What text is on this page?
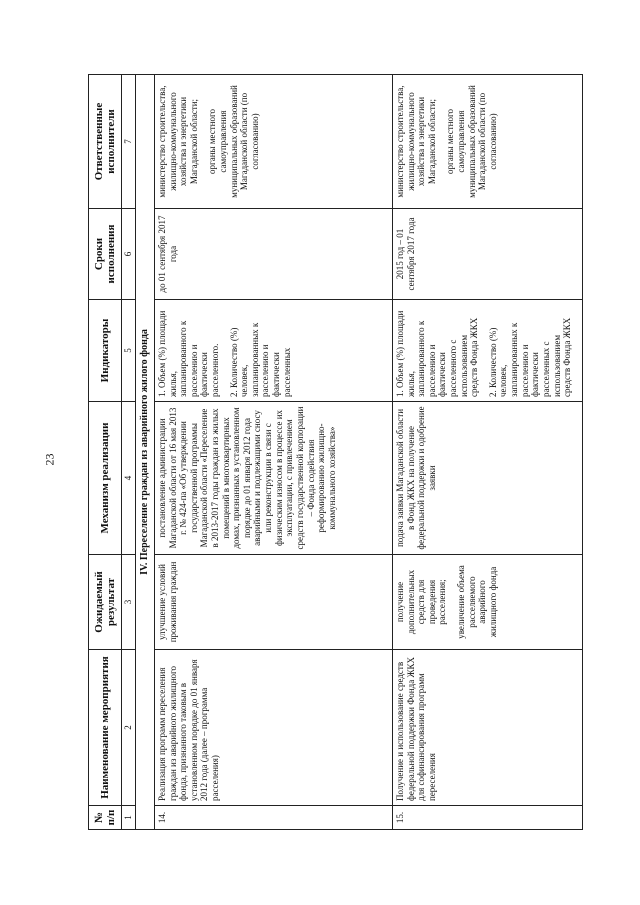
23
№ п/п	Наименование мероприятия	Ожидаемый результат	Механизм реализации	Индикаторы	Сроки исполнения	Ответственные исполнители
1	2	3	4	5	6	7
IV. Переселение граждан из аварийного жилого фонда						
14.	Реализация программ переселения граждан из аварийного жилищного фонда, признанного таковым в установленном порядке до 01 января 2012 года (далее – программа расселения)	улучшение условий проживания граждан	постановление администрации Магаданской области от 16 мая 2013 г. № 424-па «Об утверждении государственной программы Магаданской области «Переселение в 2013-2017 годы граждан из жилых помещений в многоквартирных домах, признанных в установленном порядке до 01 января 2012 года аварийными и подлежащими сносу или реконструкции в связи с физическим износом в процессе их эксплуатации, с привлечением средств государственной корпорации – Фонда содействия реформированию жилищно-коммунального хозяйства»	1. Объем (%) площади жилья, запланированного к расселению и фактически расселенного. 2. Количество (%) человек, запланированных к расселению и фактически расселенных	до 01 сентября 2017 года	министерство строительства, жилищно-коммунального хозяйства и энергетики Магаданской области; органы местного самоуправления муниципальных образований Магаданской области (по согласованию)

15.	Получение и использование средств федеральной поддержки Фонда ЖКХ для софинансирования программ переселения	получение дополнительных средств для проведения расселения; увеличение объема расселяемого аварийного жилищного фонда	подача заявки Магаданской области в Фонд ЖКХ на получение федеральной поддержки и одобрение заявки	1. Объем (%) площади жилья, запланированного к расселению и фактически расселенного с использованием средств Фонда ЖКХ 2. Количество (%) человек, запланированных к расселению и фактически расселенных с использованием средств Фонда ЖКХ	2015 год – 01 сентября 2017 года	министерство строительства, жилищно-коммунального хозяйства и энергетики Магаданской области; органы местного самоуправления муниципальных образований Магаданской области (по согласованию)
